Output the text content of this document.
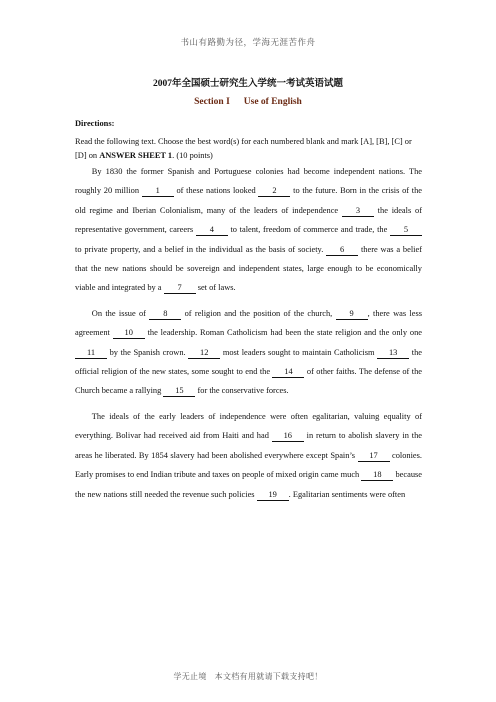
书山有路勤为径，学海无涯苦作舟
2007年全国硕士研究生入学统一考试英语试题
Section I Use of English

Directions:

Read the following text. Choose the best word(s) for each numbered blank and mark [A], [B], [C] or [D] on ANSWER SHEET 1. (10 points)

By 1830 the former Spanish and Portuguese colonies had become independent nations. The roughly 20 million 1 of these nations looked 2 to the future. Born in the crisis of the old regime and Iberian Colonialism, many of the leaders of independence 3 the ideals of representative government, careers 4 to talent, freedom of commerce and trade, the 5 to private property, and a belief in the individual as the basis of society. 6 there was a belief that the new nations should be sovereign and independent states, large enough to be economically viable and integrated by a 7 set of laws.

On the issue of 8 of religion and the position of the church, 9 , there was less agreement 10 the leadership. Roman Catholicism had been the state religion and the only one 11 by the Spanish crown. 12 most leaders sought to maintain Catholicism 13 the official religion of the new states, some sought to end the 14 of other faiths. The defense of the Church became a rallying 15 for the conservative forces.

The ideals of the early leaders of independence were often egalitarian, valuing equality of everything. Bolivar had received aid from Haiti and had 16 in return to abolish slavery in the areas he liberated. By 1854 slavery had been abolished everywhere except Spain’s 17 colonies. Early promises to end Indian tribute and taxes on people of mixed origin came much 18 because the new nations still needed the revenue such policies 19 . Egalitarian sentiments were often

学无止境 本文档有用就请下载支持吧！
